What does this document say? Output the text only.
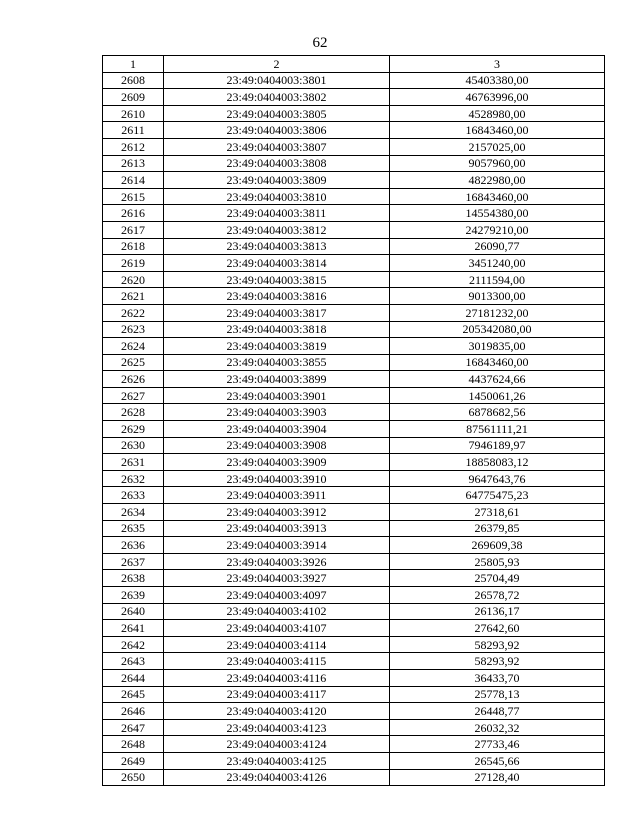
62
1	2	3
2608	23:49:0404003:3801	45403380,00
2609	23:49:0404003:3802	46763996,00
2610	23:49:0404003:3805	4528980,00
2611	23:49:0404003:3806	16843460,00
2612	23:49:0404003:3807	2157025,00
2613	23:49:0404003:3808	9057960,00
2614	23:49:0404003:3809	4822980,00
2615	23:49:0404003:3810	16843460,00
2616	23:49:0404003:3811	14554380,00
2617	23:49:0404003:3812	24279210,00
2618	23:49:0404003:3813	26090,77
2619	23:49:0404003:3814	3451240,00
2620	23:49:0404003:3815	2111594,00
2621	23:49:0404003:3816	9013300,00
2622	23:49:0404003:3817	27181232,00
2623	23:49:0404003:3818	205342080,00
2624	23:49:0404003:3819	3019835,00
2625	23:49:0404003:3855	16843460,00
2626	23:49:0404003:3899	4437624,66
2627	23:49:0404003:3901	1450061,26
2628	23:49:0404003:3903	6878682,56
2629	23:49:0404003:3904	87561111,21
2630	23:49:0404003:3908	7946189,97
2631	23:49:0404003:3909	18858083,12
2632	23:49:0404003:3910	9647643,76
2633	23:49:0404003:3911	64775475,23
2634	23:49:0404003:3912	27318,61
2635	23:49:0404003:3913	26379,85
2636	23:49:0404003:3914	269609,38
2637	23:49:0404003:3926	25805,93
2638	23:49:0404003:3927	25704,49
2639	23:49:0404003:4097	26578,72
2640	23:49:0404003:4102	26136,17
2641	23:49:0404003:4107	27642,60
2642	23:49:0404003:4114	58293,92
2643	23:49:0404003:4115	58293,92
2644	23:49:0404003:4116	36433,70
2645	23:49:0404003:4117	25778,13
2646	23:49:0404003:4120	26448,77
2647	23:49:0404003:4123	26032,32
2648	23:49:0404003:4124	27733,46
2649	23:49:0404003:4125	26545,66
2650	23:49:0404003:4126	27128,40
